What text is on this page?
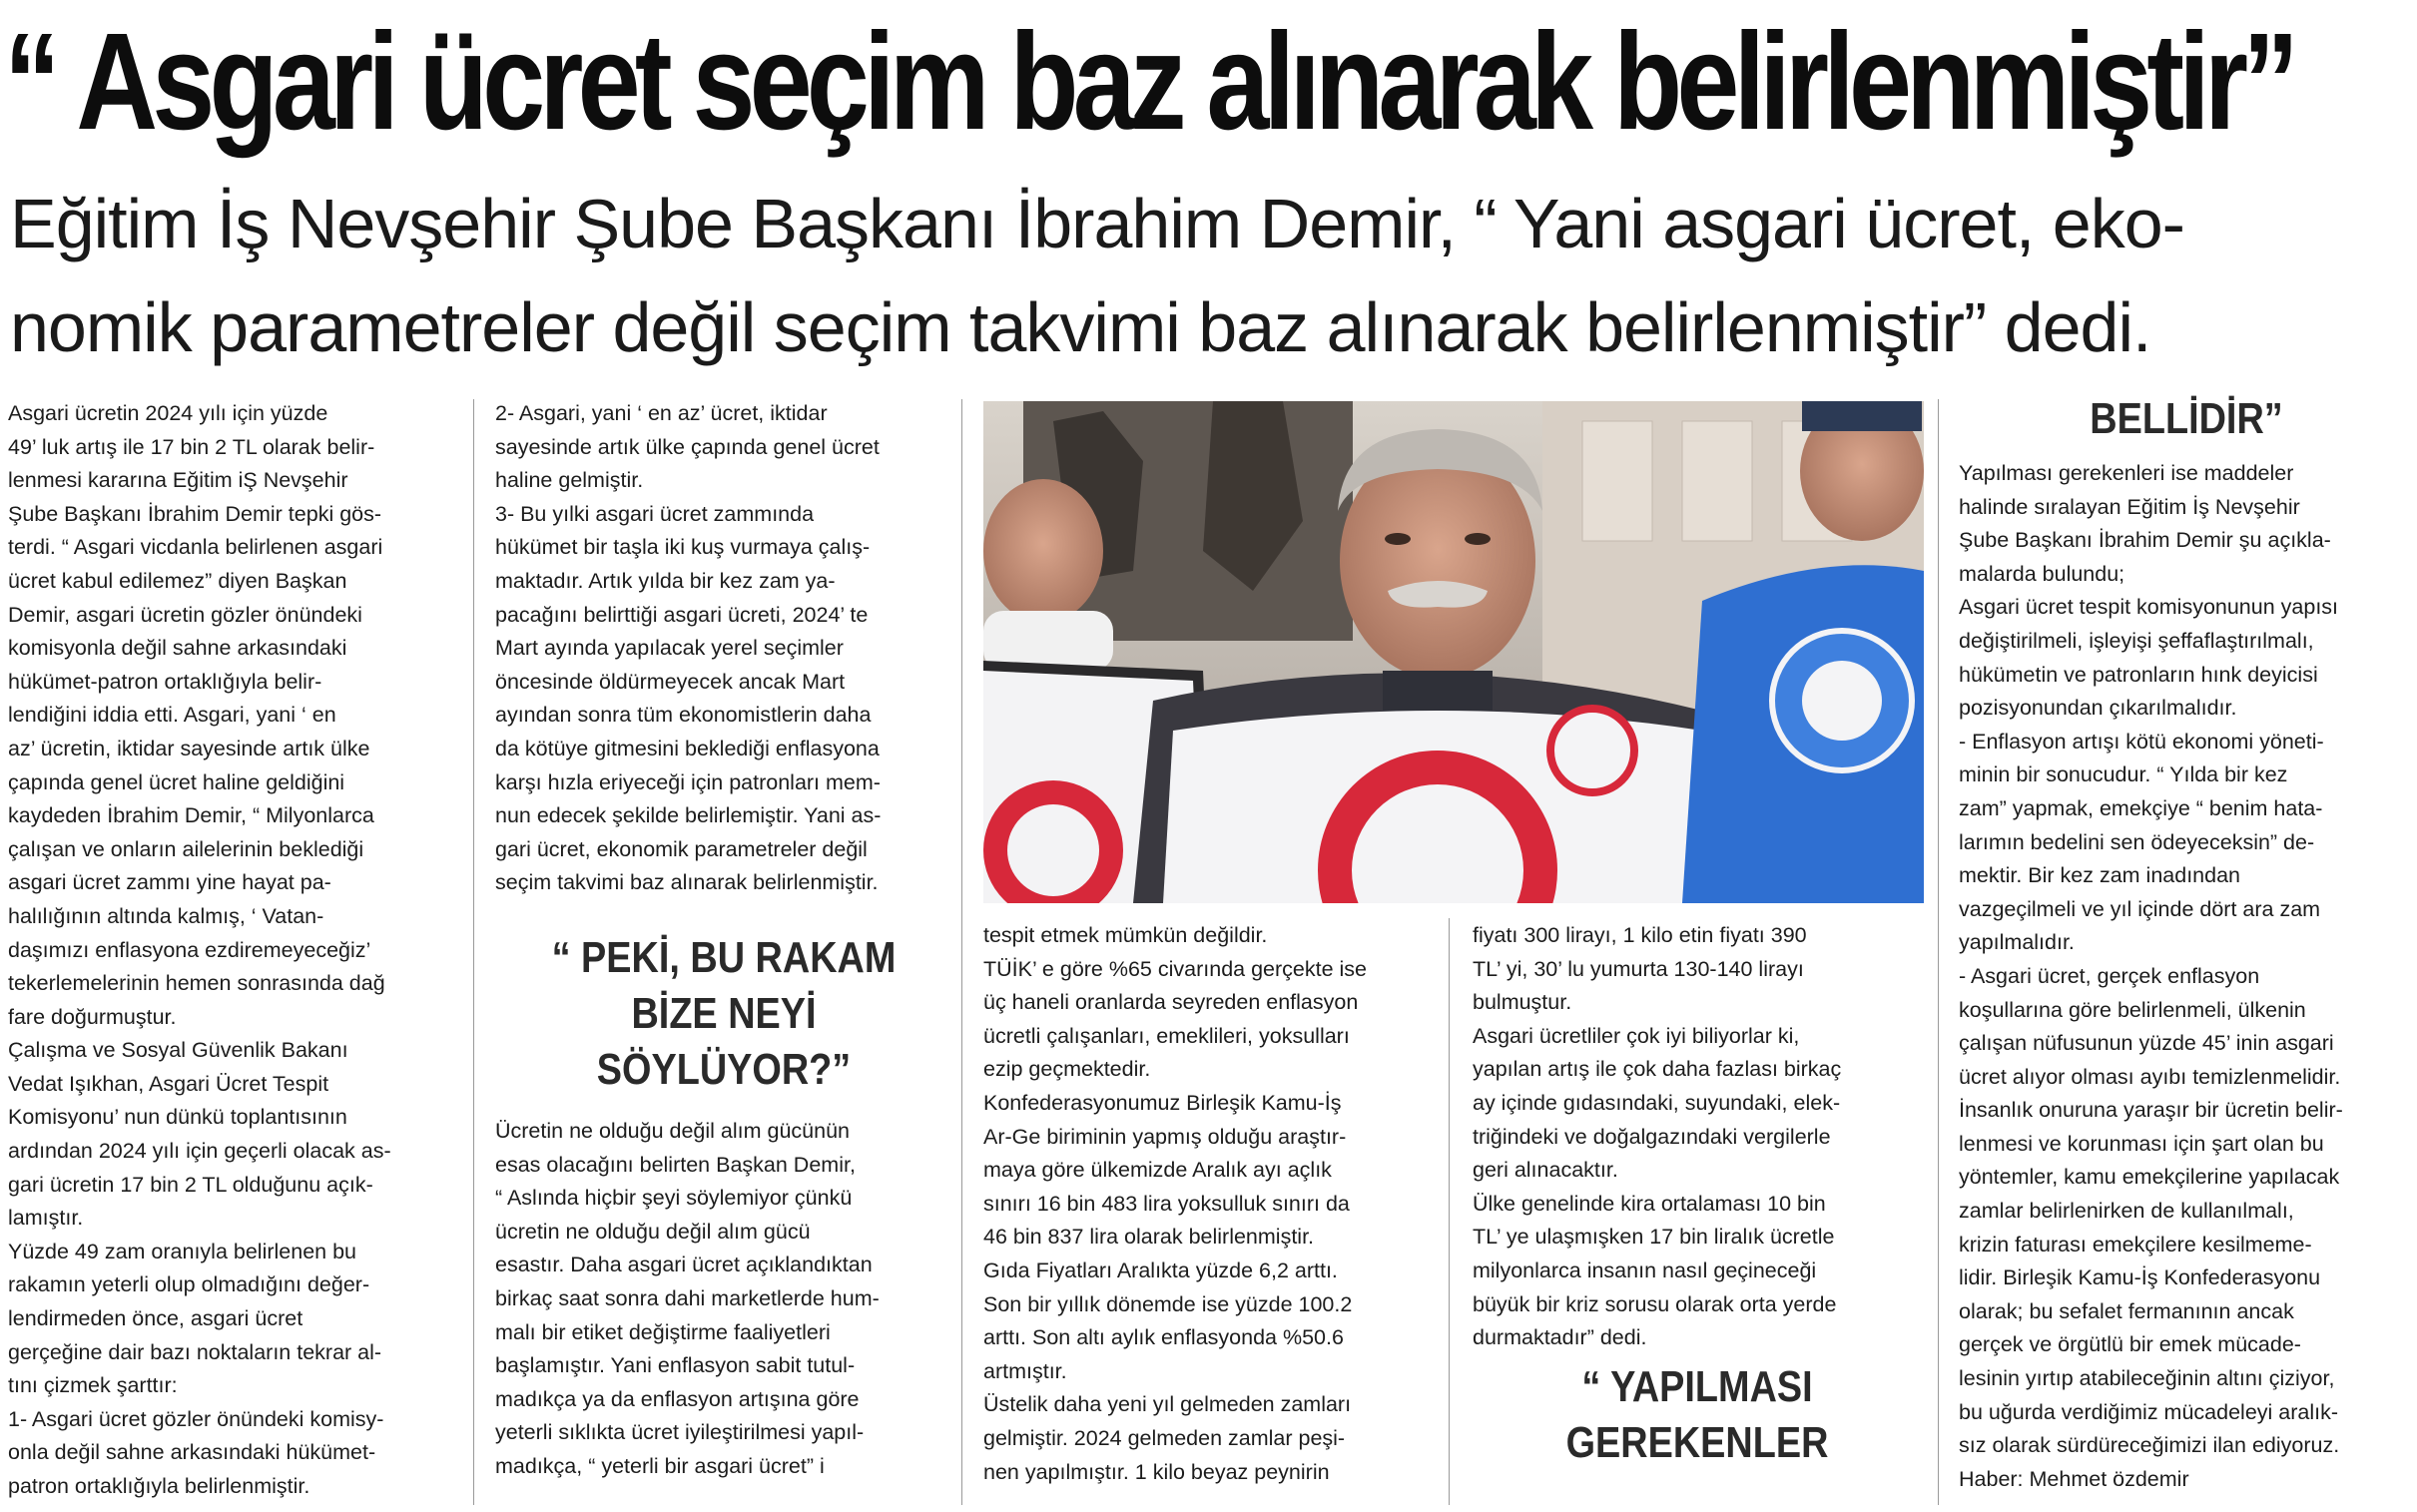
“ Asgari ücret seçim baz alınarak belirlenmiştir”
Eğitim İş Nevşehir Şube Başkanı İbrahim Demir, “ Yani asgari ücret, eko-
nomik parametreler değil seçim takvimi baz alınarak belirlenmiştir” dedi.

Asgari ücretin 2024 yılı için yüzde

49’ luk artış ile 17 bin 2 TL olarak belir-

lenmesi kararına Eğitim iŞ Nevşehir

Şube Başkanı İbrahim Demir tepki gös-

terdi. “ Asgari vicdanla belirlenen asgari

ücret kabul edilemez” diyen Başkan

Demir, asgari ücretin gözler önündeki

komisyonla değil sahne arkasındaki

hükümet-patron ortaklığıyla belir-

lendiğini iddia etti. Asgari, yani ‘ en

az’ ücretin, iktidar sayesinde artık ülke

çapında genel ücret haline geldiğini

kaydeden İbrahim Demir, “ Milyonlarca

çalışan ve onların ailelerinin beklediği

asgari ücret zammı yine hayat pa-

halılığının altında kalmış, ‘ Vatan-

daşımızı enflasyona ezdiremeyeceğiz’

tekerlemelerinin hemen sonrasında dağ

fare doğurmuştur.

Çalışma ve Sosyal Güvenlik Bakanı

Vedat Işıkhan, Asgari Ücret Tespit

Komisyonu’ nun dünkü toplantısının

ardından 2024 yılı için geçerli olacak as-

gari ücretin 17 bin 2 TL olduğunu açık-

lamıştır.

Yüzde 49 zam oranıyla belirlenen bu

rakamın yeterli olup olmadığını değer-

lendirmeden önce, asgari ücret

gerçeğine dair bazı noktaların tekrar al-

tını çizmek şarttır:

1- Asgari ücret gözler önündeki komisy-

onla değil sahne arkasındaki hükümet-

patron ortaklığıyla belirlenmiştir.

2- Asgari, yani ‘ en az’ ücret, iktidar

sayesinde artık ülke çapında genel ücret

haline gelmiştir.

3- Bu yılki asgari ücret zammında

hükümet bir taşla iki kuş vurmaya çalış-

maktadır. Artık yılda bir kez zam ya-

pacağını belirttiği asgari ücreti, 2024’ te

Mart ayında yapılacak yerel seçimler

öncesinde öldürmeyecek ancak Mart

ayından sonra tüm ekonomistlerin daha

da kötüye gitmesini beklediği enflasyona

karşı hızla eriyeceği için patronları mem-

nun edecek şekilde belirlemiştir. Yani as-

gari ücret, ekonomik parametreler değil

seçim takvimi baz alınarak belirlenmiştir.

“ PEKİ, BU RAKAM
BİZE NEYİ
SÖYLÜYOR?”

Ücretin ne olduğu değil alım gücünün

esas olacağını belirten Başkan Demir,

“ Aslında hiçbir şeyi söylemiyor çünkü

ücretin ne olduğu değil alım gücü

esastır. Daha asgari ücret açıklandıktan

birkaç saat sonra dahi marketlerde hum-

malı bir etiket değiştirme faaliyetleri

başlamıştır. Yani enflasyon sabit tutul-

madıkça ya da enflasyon artışına göre

yeterli sıklıkta ücret iyileştirilmesi yapıl-

madıkça, “ yeterli bir asgari ücret” i

tespit etmek mümkün değildir.

TÜİK’ e göre %65 civarında gerçekte ise

üç haneli oranlarda seyreden enflasyon

ücretli çalışanları, emeklileri, yoksulları

ezip geçmektedir.

Konfederasyonumuz Birleşik Kamu-İş

Ar-Ge biriminin yapmış olduğu araştır-

maya göre ülkemizde Aralık ayı açlık

sınırı 16 bin 483 lira yoksulluk sınırı da

46 bin 837 lira olarak belirlenmiştir.

Gıda Fiyatları Aralıkta yüzde 6,2 arttı.

Son bir yıllık dönemde ise yüzde 100.2

arttı. Son altı aylık enflasyonda %50.6

artmıştır.

Üstelik daha yeni yıl gelmeden zamları

gelmiştir. 2024 gelmeden zamlar peşi-

nen yapılmıştır. 1 kilo beyaz peynirin

fiyatı 300 lirayı, 1 kilo etin fiyatı 390

TL’ yi, 30’ lu yumurta 130-140 lirayı

bulmuştur.

Asgari ücretliler çok iyi biliyorlar ki,

yapılan artış ile çok daha fazlası birkaç

ay içinde gıdasındaki, suyundaki, elek-

triğindeki ve doğalgazındaki vergilerle

geri alınacaktır.

Ülke genelinde kira ortalaması 10 bin

TL’ ye ulaşmışken 17 bin liralık ücretle

milyonlarca insanın nasıl geçineceği

büyük bir kriz sorusu olarak orta yerde

durmaktadır” dedi.

“ YAPILMASI
GEREKENLER
BELLİDİR”

Yapılması gerekenleri ise maddeler

halinde sıralayan Eğitim İş Nevşehir

Şube Başkanı İbrahim Demir şu açıkla-

malarda bulundu;

Asgari ücret tespit komisyonunun yapısı

değiştirilmeli, işleyişi şeffaflaştırılmalı,

hükümetin ve patronların hınk deyicisi

pozisyonundan çıkarılmalıdır.

- Enflasyon artışı kötü ekonomi yöneti-

minin bir sonucudur. “ Yılda bir kez

zam” yapmak, emekçiye “ benim hata-

larımın bedelini sen ödeyeceksin” de-

mektir. Bir kez zam inadından

vazgeçilmeli ve yıl içinde dört ara zam

yapılmalıdır.

- Asgari ücret, gerçek enflasyon

koşullarına göre belirlenmeli, ülkenin

çalışan nüfusunun yüzde 45’ inin asgari

ücret alıyor olması ayıbı temizlenmelidir.

İnsanlık onuruna yaraşır bir ücretin belir-

lenmesi ve korunması için şart olan bu

yöntemler, kamu emekçilerine yapılacak

zamlar belirlenirken de kullanılmalı,

krizin faturası emekçilere kesilmeme-

lidir. Birleşik Kamu-İş Konfederasyonu

olarak; bu sefalet fermanının ancak

gerçek ve örgütlü bir emek mücade-

lesinin yırtıp atabileceğinin altını çiziyor,

bu uğurda verdiğimiz mücadeleyi aralık-

sız olarak sürdüreceğimizi ilan ediyoruz.

Haber: Mehmet özdemir
